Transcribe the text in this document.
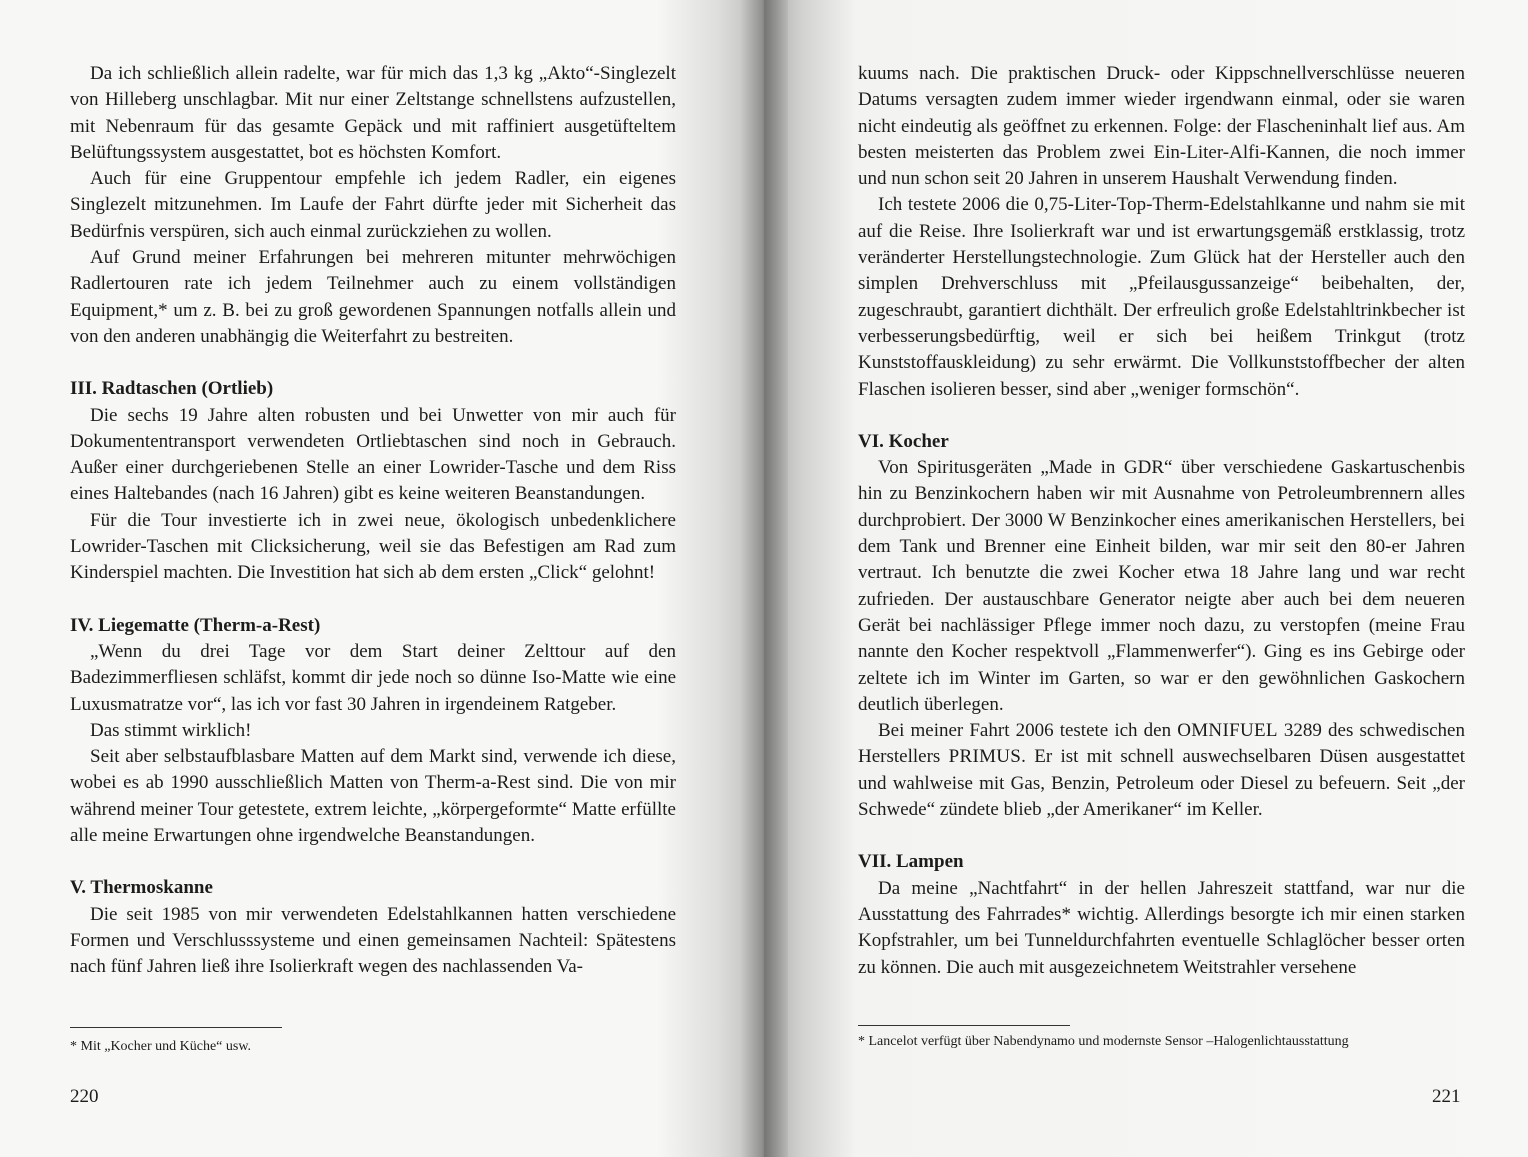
Da ich schließlich allein radelte, war für mich das 1,3 kg „Akto“-Singlezelt von Hilleberg unschlagbar. Mit nur einer Zeltstange schnellstens aufzustellen, mit Nebenraum für das gesamte Gepäck und mit raffiniert ausgetüfteltem Belüftungssystem ausgestattet, bot es höchsten Komfort.

Auch für eine Gruppentour empfehle ich jedem Radler, ein eigenes Singlezelt mitzunehmen. Im Laufe der Fahrt dürfte jeder mit Sicherheit das Bedürfnis verspüren, sich auch einmal zurückziehen zu wollen.

Auf Grund meiner Erfahrungen bei mehreren mitunter mehrwöchigen Radlertouren rate ich jedem Teilnehmer auch zu einem vollständigen Equipment,* um z. B. bei zu groß gewordenen Spannungen notfalls allein und von den anderen unabhängig die Weiterfahrt zu bestreiten.

III. Radtaschen (Ortlieb)

Die sechs 19 Jahre alten robusten und bei Unwetter von mir auch für Dokumententransport verwendeten Ortliebtaschen sind noch in Gebrauch. Außer einer durchgeriebenen Stelle an einer Lowrider-Tasche und dem Riss eines Haltebandes (nach 16 Jahren) gibt es keine weiteren Beanstandungen.

Für die Tour investierte ich in zwei neue, ökologisch unbedenklichere Lowrider-Taschen mit Clicksicherung, weil sie das Befestigen am Rad zum Kinderspiel machten. Die Investition hat sich ab dem ersten „Click“ gelohnt!

IV. Liegematte (Therm-a-Rest)

„Wenn du drei Tage vor dem Start deiner Zelttour auf den Badezimmerfliesen schläfst, kommt dir jede noch so dünne Iso-Matte wie eine Luxusmatratze vor“, las ich vor fast 30 Jahren in irgendeinem Ratgeber.

Das stimmt wirklich!

Seit aber selbstaufblasbare Matten auf dem Markt sind, verwende ich diese, wobei es ab 1990 ausschließlich Matten von Therm-a-Rest sind. Die von mir während meiner Tour getestete, extrem leichte, „körpergeformte“ Matte erfüllte alle meine Erwartungen ohne irgendwelche Beanstandungen.

V. Thermoskanne

Die seit 1985 von mir verwendeten Edelstahlkannen hatten verschiedene Formen und Verschlusssysteme und einen gemeinsamen Nachteil: Spätestens nach fünf Jahren ließ ihre Isolierkraft wegen des nachlassenden Va-

* Mit „Kocher und Küche“ usw.
220

kuums nach. Die praktischen Druck- oder Kippschnellverschlüsse neueren Datums versagten zudem immer wieder irgendwann einmal, oder sie waren nicht eindeutig als geöffnet zu erkennen. Folge: der Flascheninhalt lief aus. Am besten meisterten das Problem zwei Ein-Liter-Alfi-Kannen, die noch immer und nun schon seit 20 Jahren in unserem Haushalt Verwendung finden.

Ich testete 2006 die 0,75-Liter-Top-Therm-Edelstahlkanne und nahm sie mit auf die Reise. Ihre Isolierkraft war und ist erwartungsgemäß erstklassig, trotz veränderter Herstellungstechnologie. Zum Glück hat der Hersteller auch den simplen Drehverschluss mit „Pfeilausgussanzeige“ beibehalten, der, zugeschraubt, garantiert dichthält. Der erfreulich große Edelstahltrinkbecher ist verbesserungsbedürftig, weil er sich bei heißem Trinkgut (trotz Kunststoffauskleidung) zu sehr erwärmt. Die Vollkunststoffbecher der alten Flaschen isolieren besser, sind aber „weniger formschön“.

VI. Kocher

Von Spiritusgeräten „Made in GDR“ über verschiedene Gaskartuschenbis hin zu Benzinkochern haben wir mit Ausnahme von Petroleumbrennern alles durchprobiert. Der 3000 W Benzinkocher eines amerikanischen Herstellers, bei dem Tank und Brenner eine Einheit bilden, war mir seit den 80-er Jahren vertraut. Ich benutzte die zwei Kocher etwa 18 Jahre lang und war recht zufrieden. Der austauschbare Generator neigte aber auch bei dem neueren Gerät bei nachlässiger Pflege immer noch dazu, zu verstopfen (meine Frau nannte den Kocher respektvoll „Flammenwerfer“). Ging es ins Gebirge oder zeltete ich im Winter im Garten, so war er den gewöhnlichen Gaskochern deutlich überlegen.

Bei meiner Fahrt 2006 testete ich den OMNIFUEL 3289 des schwedischen Herstellers PRIMUS. Er ist mit schnell auswechselbaren Düsen ausgestattet und wahlweise mit Gas, Benzin, Petroleum oder Diesel zu befeuern. Seit „der Schwede“ zündete blieb „der Amerikaner“ im Keller.

VII. Lampen

Da meine „Nachtfahrt“ in der hellen Jahreszeit stattfand, war nur die Ausstattung des Fahrrades* wichtig. Allerdings besorgte ich mir einen starken Kopfstrahler, um bei Tunneldurchfahrten eventuelle Schlaglöcher besser orten zu können. Die auch mit ausgezeichnetem Weitstrahler versehene

* Lancelot verfügt über Nabendynamo und modernste Sensor –Halogenlichtausstattung
221
